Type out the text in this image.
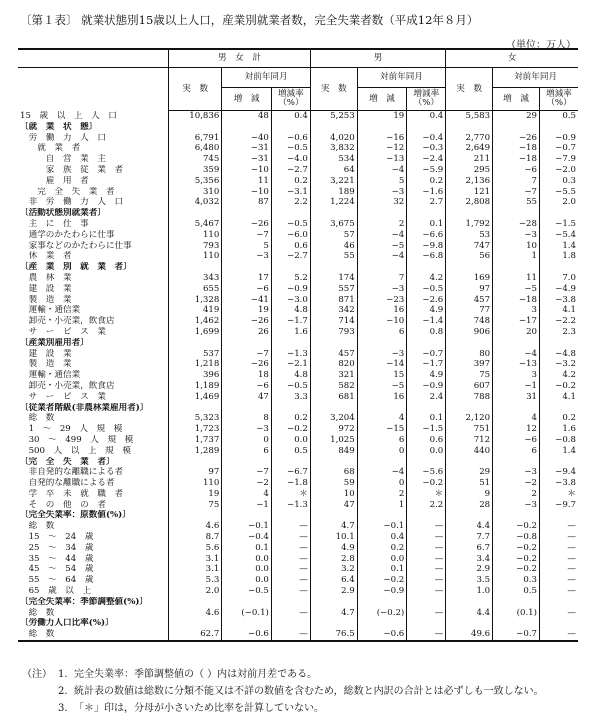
〔第１表〕 就業状態別15歳以上人口，産業別就業者数，完全失業者数（平成12年８月）
（単位：万人）
	男　女　計			男			女		
	実　数	対前年同月		実　数	対前年同月		実　数	対前年同月	
		増　減	増減率（%）		増　減	増減率（%）		増　減	増減率（%）
15　歳　以　上　人　口	10,836	48	0.4	5,253	19	0.4	5,583	29	0.5
〔就　業　状　態〕									
　労　働　力　人　口	6,791	−40	−0.6	4,020	−16	−0.4	2,770	−26	−0.9
　　就　業　者	6,480	−31	−0.5	3,832	−12	−0.3	2,649	−18	−0.7
　　　自　営　業　主	745	−31	−4.0	534	−13	−2.4	211	−18	−7.9
　　　家　族　従　業　者	359	−10	−2.7	64	−4	−5.9	295	−6	−2.0
　　　雇　用　者	5,356	11	0.2	3,221	5	0.2	2,136	7	0.3
　　完　全　失　業　者	310	−10	−3.1	189	−3	−1.6	121	−7	−5.5
　非　労　働　力　人　口	4,032	87	2.2	1,224	32	2.7	2,808	55	2.0
〔活動状態別就業者〕									
　主　に　仕　事	5,467	−26	−0.5	3,675	2	0.1	1,792	−28	−1.5
　通学のかたわらに仕事	110	−7	−6.0	57	−4	−6.6	53	−3	−5.4
　家事などのかたわらに仕事	793	5	0.6	46	−5	−9.8	747	10	1.4
　休　業　者	110	−3	−2.7	55	−4	−6.8	56	1	1.8
〔産　業　別　就　業　者〕									
　農　林　業	343	17	5.2	174	7	4.2	169	11	7.0
　建　設　業	655	−6	−0.9	557	−3	−0.5	97	−5	−4.9
　製　造　業	1,328	−41	−3.0	871	−23	−2.6	457	−18	−3.8
　運輸・通信業	419	19	4.8	342	16	4.9	77	3	4.1
　卸売・小売業，飲食店	1,462	−26	−1.7	714	−10	−1.4	748	−17	−2.2
　サ　ー　ビ　ス　業	1,699	26	1.6	793	6	0.8	906	20	2.3
〔産業別雇用者〕									
　建　設　業	537	−7	−1.3	457	−3	−0.7	80	−4	−4.8
　製　造　業	1,218	−26	−2.1	820	−14	−1.7	397	−13	−3.2
　運輸・通信業	396	18	4.8	321	15	4.9	75	3	4.2
　卸売・小売業，飲食店	1,189	−6	−0.5	582	−5	−0.9	607	−1	−0.2
　サ　ー　ビ　ス　業	1,469	47	3.3	681	16	2.4	788	31	4.1
〔従業者階級(非農林業雇用者)〕									
　総　数	5,323	8	0.2	3,204	4	0.1	2,120	4	0.2
　1　〜　29　人　規　模	1,723	−3	−0.2	972	−15	−1.5	751	12	1.6
　30　〜　499　人　規　模	1,737	0	0.0	1,025	6	0.6	712	−6	−0.8
　500　人　以　上　規　模	1,289	6	0.5	849	0	0.0	440	6	1.4
〔完　全　失　業　者〕									
　非自発的な離職による者	97	−7	−6.7	68	−4	−5.6	29	−3	−9.4
　自発的な離職による者	110	−2	−1.8	59	0	−0.2	51	−2	−3.8
　学　卒　未　就　職　者	19	4	＊	10	2	＊	9	2	＊
　そ　の　他　の　者	75	−1	−1.3	47	1	2.2	28	−3	−9.7
〔完全失業率：原数値(%)〕									
　総　数	4.6	−0.1	—	4.7	−0.1	—	4.4	−0.2	—
　15　〜　24　歳	8.7	−0.4	—	10.1	0.4	—	7.7	−0.8	—
　25　〜　34　歳	5.6	0.1	—	4.9	0.2	—	6.7	−0.2	—
　35　〜　44　歳	3.1	0.0	—	2.8	0.0	—	3.4	−0.2	—
　45　〜　54　歳	3.1	0.0	—	3.2	0.1	—	2.9	−0.2	—
　55　〜　64　歳	5.3	0.0	—	6.4	−0.2	—	3.5	0.3	—
　65　歳　以　上	2.0	−0.5	—	2.9	−0.9	—	1.0	0.5	—
〔完全失業率：季節調整値(%)〕									
　総　数	4.6	(−0.1)	—	4.7	(−0.2)	—	4.4	(0.1)	—
〔労働力人口比率(%)〕									
　総　数	62.7	−0.6	—	76.5	−0.6	—	49.6	−0.7	—
（注） 1. 完全失業率：季節調整値の（ ）内は対前月差である。
2. 統計表の数値は総数に分類不能又は不詳の数値を含むため，総数と内訳の合計とは必ずしも一致しない。
3. 「＊」印は，分母が小さいため比率を計算していない。
